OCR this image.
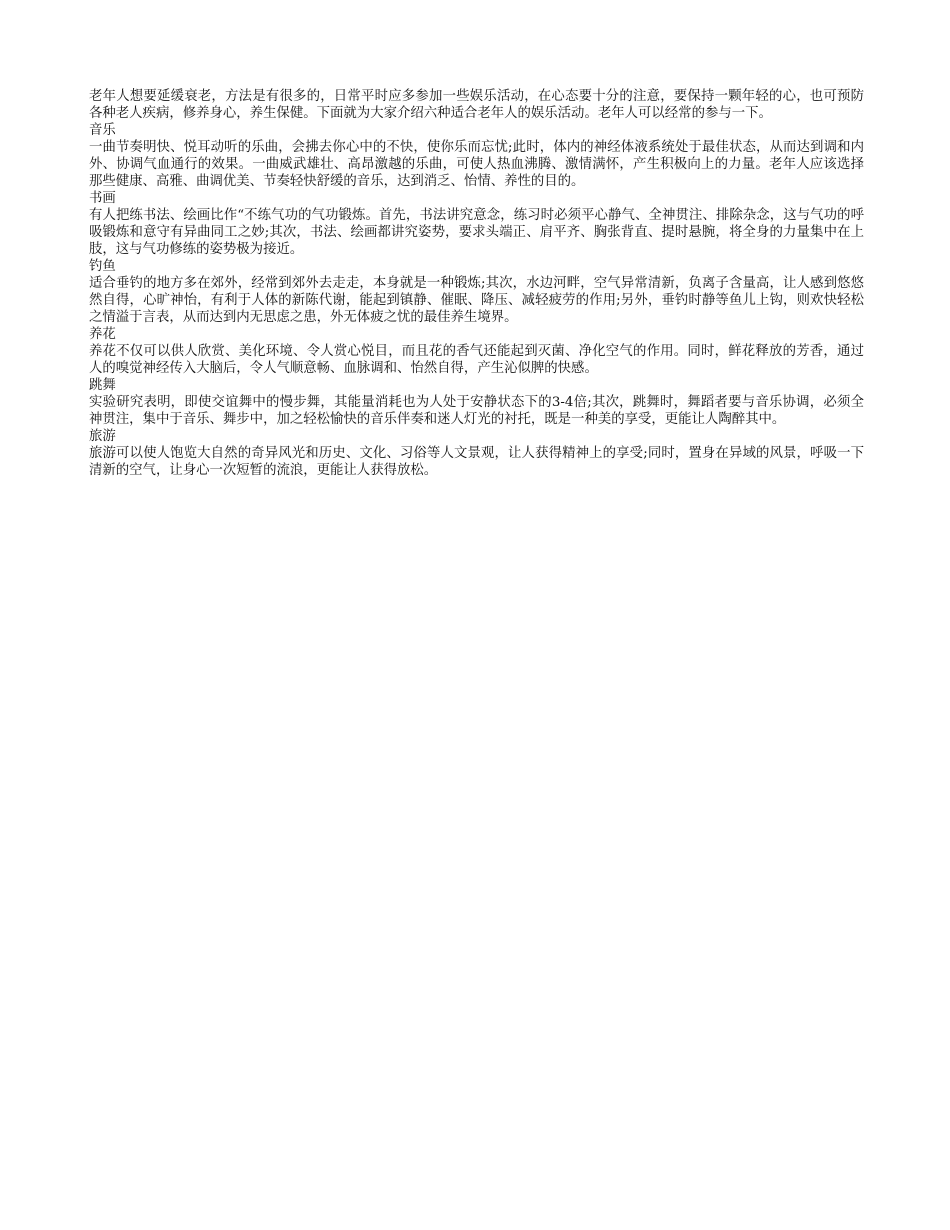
老年人想要延缓衰老，方法是有很多的，日常平时应多参加一些娱乐活动，在心态要十分的注意，要保持一颗年轻的心，也可预防各种老人疾病，修养身心，养生保健。下面就为大家介绍六种适合老年人的娱乐活动。老年人可以经常的参与一下。

音乐

一曲节奏明快、悦耳动听的乐曲，会拂去你心中的不快，使你乐而忘忧;此时，体内的神经体液系统处于最佳状态，从而达到调和内外、协调气血通行的效果。一曲威武雄壮、高昂激越的乐曲，可使人热血沸腾、激情满怀，产生积极向上的力量。老年人应该选择那些健康、高雅、曲调优美、节奏轻快舒缓的音乐，达到消乏、怡情、养性的目的。

书画

有人把练书法、绘画比作“不练气功的气功锻炼。首先，书法讲究意念，练习时必须平心静气、全神贯注、排除杂念，这与气功的呼吸锻炼和意守有异曲同工之妙;其次，书法、绘画都讲究姿势，要求头端正、肩平齐、胸张背直、提时悬腕，将全身的力量集中在上肢，这与气功修练的姿势极为接近。

钓鱼

适合垂钓的地方多在郊外，经常到郊外去走走，本身就是一种锻炼;其次，水边河畔，空气异常清新，负离子含量高，让人感到悠悠然自得，心旷神怡，有利于人体的新陈代谢，能起到镇静、催眠、降压、减轻疲劳的作用;另外，垂钓时静等鱼儿上钩，则欢快轻松之情溢于言表，从而达到内无思虑之患，外无体疲之忧的最佳养生境界。

养花

养花不仅可以供人欣赏、美化环境、令人赏心悦目，而且花的香气还能起到灭菌、净化空气的作用。同时，鲜花释放的芳香，通过人的嗅觉神经传入大脑后，令人气顺意畅、血脉调和、怡然自得，产生沁似脾的快感。

跳舞

实验研究表明，即使交谊舞中的慢步舞，其能量消耗也为人处于安静状态下的3-4倍;其次，跳舞时，舞蹈者要与音乐协调，必须全神贯注，集中于音乐、舞步中，加之轻松愉快的音乐伴奏和迷人灯光的衬托，既是一种美的享受，更能让人陶醉其中。

旅游

旅游可以使人饱览大自然的奇异风光和历史、文化、习俗等人文景观，让人获得精神上的享受;同时，置身在异域的风景，呼吸一下清新的空气，让身心一次短暂的流浪，更能让人获得放松。
